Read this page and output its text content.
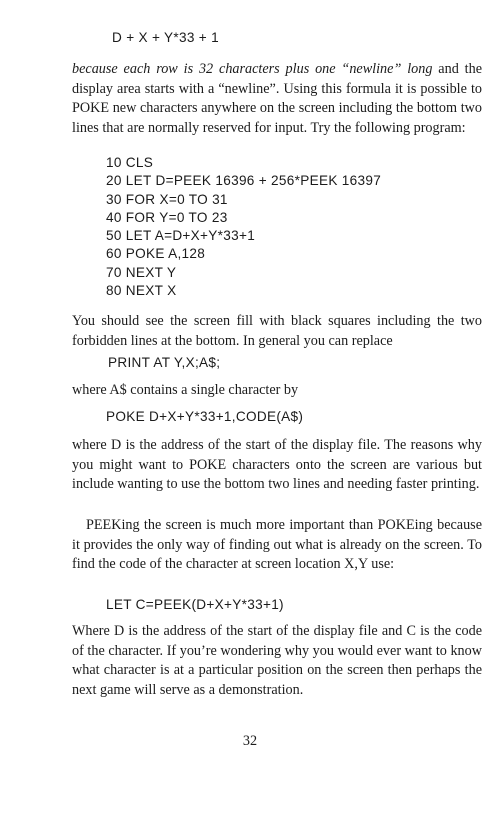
D + X + Y*33 + 1

because each row is 32 characters plus one “newline” long and the display area starts with a “newline”. Using this formula it is possible to POKE new characters anywhere on the screen including the bottom two lines that are normally reserved for input. Try the following program:

10 CLS
20 LET D=PEEK 16396 + 256*PEEK 16397
30 FOR X=0 TO 31
40 FOR Y=0 TO 23
50 LET A=D+X+Y*33+1
60 POKE A,128
70 NEXT Y
80 NEXT X

You should see the screen fill with black squares including the two forbidden lines at the bottom. In general you can replace

PRINT AT Y,X;A$;

where A$ contains a single character by

POKE D+X+Y*33+1,CODE(A$)

where D is the address of the start of the display file. The reasons why you might want to POKE characters onto the screen are various but include wanting to use the bottom two lines and needing faster printing.

PEEKing the screen is much more important than POKEing because it provides the only way of finding out what is already on the screen. To find the code of the character at screen location X,Y use:

LET C=PEEK(D+X+Y*33+1)

Where D is the address of the start of the display file and C is the code of the character. If you’re wondering why you would ever want to know what character is at a particular position on the screen then perhaps the next game will serve as a demonstration.

32
